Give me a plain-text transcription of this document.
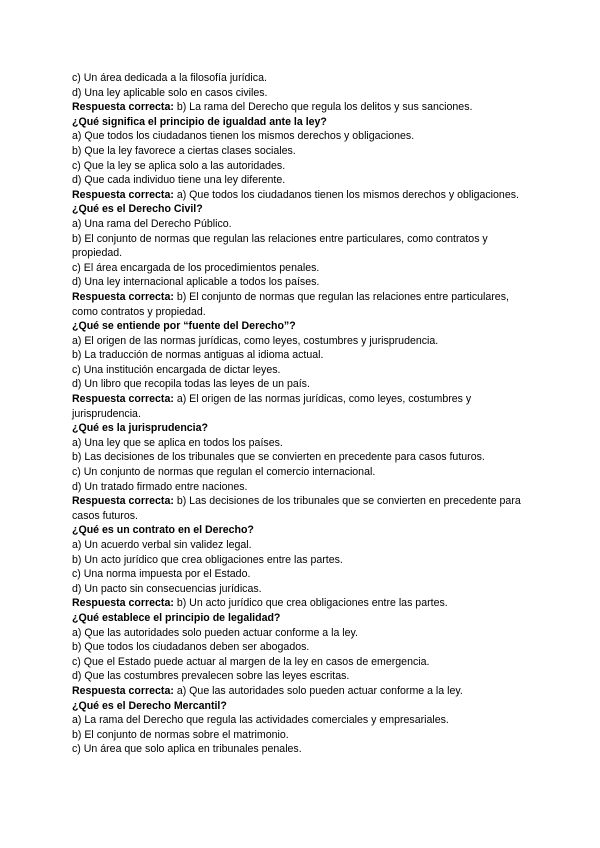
c) Un área dedicada a la filosofía jurídica.
d) Una ley aplicable solo en casos civiles.
Respuesta correcta: b) La rama del Derecho que regula los delitos y sus sanciones.
¿Qué significa el principio de igualdad ante la ley?
a) Que todos los ciudadanos tienen los mismos derechos y obligaciones.
b) Que la ley favorece a ciertas clases sociales.
c) Que la ley se aplica solo a las autoridades.
d) Que cada individuo tiene una ley diferente.
Respuesta correcta: a) Que todos los ciudadanos tienen los mismos derechos y obligaciones.
¿Qué es el Derecho Civil?
a) Una rama del Derecho Público.
b) El conjunto de normas que regulan las relaciones entre particulares, como contratos y propiedad.
c) El área encargada de los procedimientos penales.
d) Una ley internacional aplicable a todos los países.
Respuesta correcta: b) El conjunto de normas que regulan las relaciones entre particulares, como contratos y propiedad.
¿Qué se entiende por “fuente del Derecho”?
a) El origen de las normas jurídicas, como leyes, costumbres y jurisprudencia.
b) La traducción de normas antiguas al idioma actual.
c) Una institución encargada de dictar leyes.
d) Un libro que recopila todas las leyes de un país.
Respuesta correcta: a) El origen de las normas jurídicas, como leyes, costumbres y jurisprudencia.
¿Qué es la jurisprudencia?
a) Una ley que se aplica en todos los países.
b) Las decisiones de los tribunales que se convierten en precedente para casos futuros.
c) Un conjunto de normas que regulan el comercio internacional.
d) Un tratado firmado entre naciones.
Respuesta correcta: b) Las decisiones de los tribunales que se convierten en precedente para casos futuros.
¿Qué es un contrato en el Derecho?
a) Un acuerdo verbal sin validez legal.
b) Un acto jurídico que crea obligaciones entre las partes.
c) Una norma impuesta por el Estado.
d) Un pacto sin consecuencias jurídicas.
Respuesta correcta: b) Un acto jurídico que crea obligaciones entre las partes.
¿Qué establece el principio de legalidad?
a) Que las autoridades solo pueden actuar conforme a la ley.
b) Que todos los ciudadanos deben ser abogados.
c) Que el Estado puede actuar al margen de la ley en casos de emergencia.
d) Que las costumbres prevalecen sobre las leyes escritas.
Respuesta correcta: a) Que las autoridades solo pueden actuar conforme a la ley.
¿Qué es el Derecho Mercantil?
a) La rama del Derecho que regula las actividades comerciales y empresariales.
b) El conjunto de normas sobre el matrimonio.
c) Un área que solo aplica en tribunales penales.
